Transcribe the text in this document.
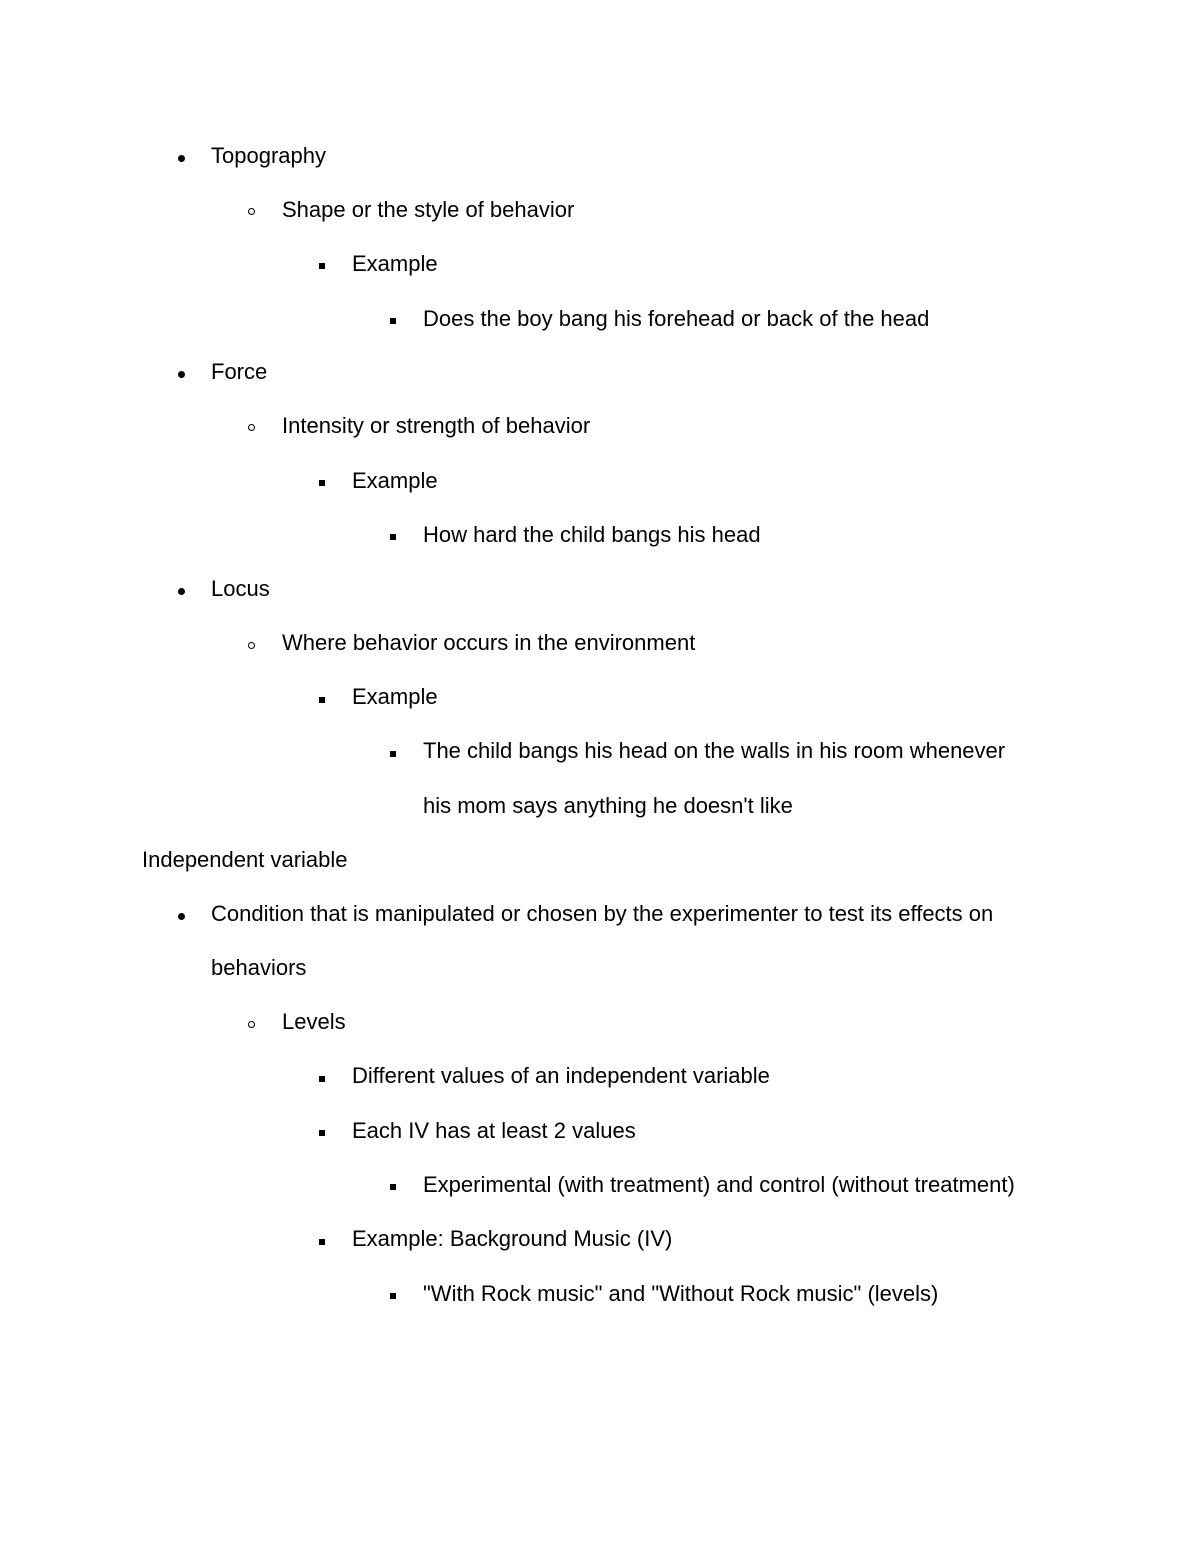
Topography
Shape or the style of behavior
Example
Does the boy bang his forehead or back of the head
Force
Intensity or strength of behavior
Example
How hard the child bangs his head
Locus
Where behavior occurs in the environment
Example
The child bangs his head on the walls in his room whenever
his mom says anything he doesn't like
Independent variable
Condition that is manipulated or chosen by the experimenter to test its effects on
behaviors
Levels
Different values of an independent variable
Each IV has at least 2 values
Experimental (with treatment) and control (without treatment)
Example: Background Music (IV)
"With Rock music" and "Without Rock music" (levels)
